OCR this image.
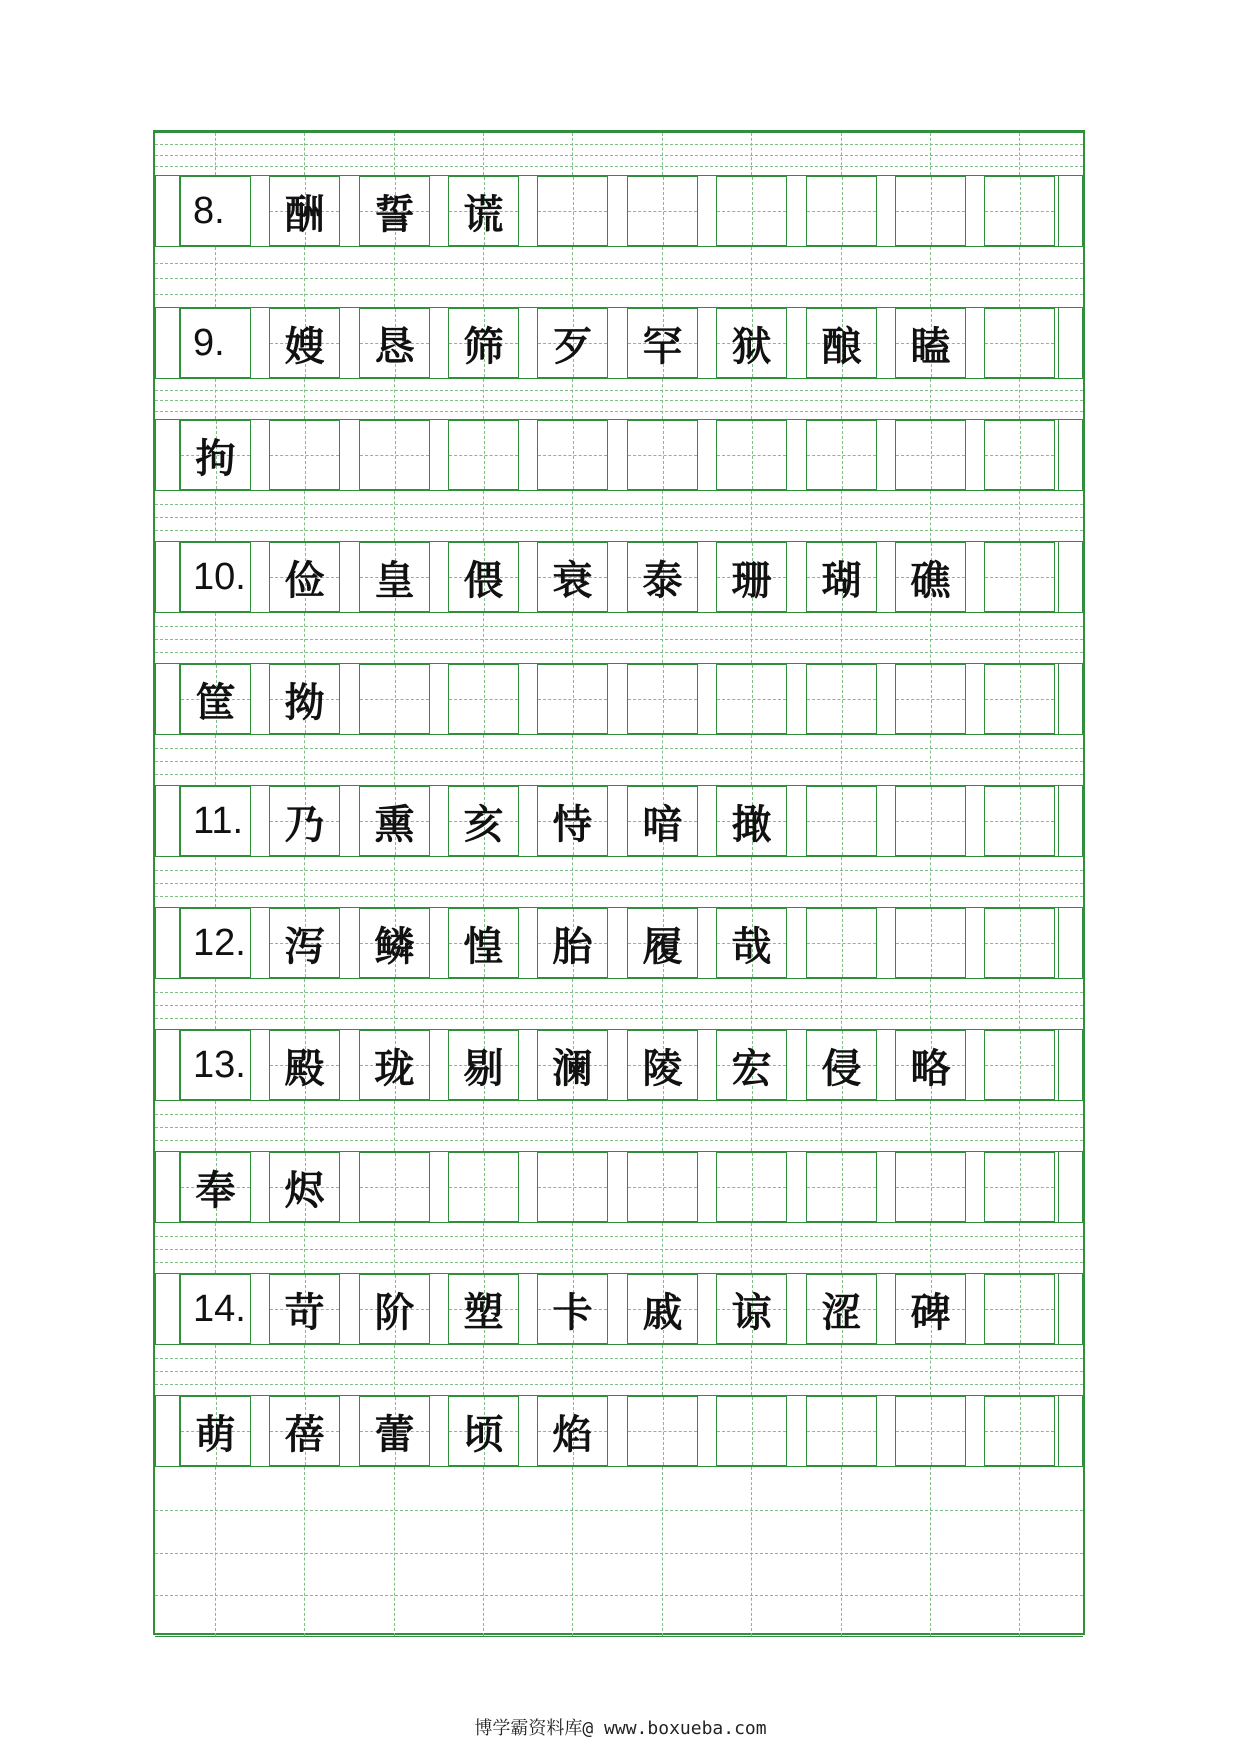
8.	酬	誓	谎
9.	嫂	恳	筛	歹	罕	狱	酿	瞌
拘
10. 俭	皇	偎	衰	泰	珊	瑚	礁
筐	拗
11.	乃	熏	亥	恃	喑	撖
12. 泻	鳞	惶	胎	履	哉
13. 殿	珑	剔	澜	陵	宏	侵	略
奉	烬
14. 苛	阶	塑	卡	戚	谅	涩	碑
萌	蓓	蕾	顷	焰
博学霸资料库@ www.boxueba.com
